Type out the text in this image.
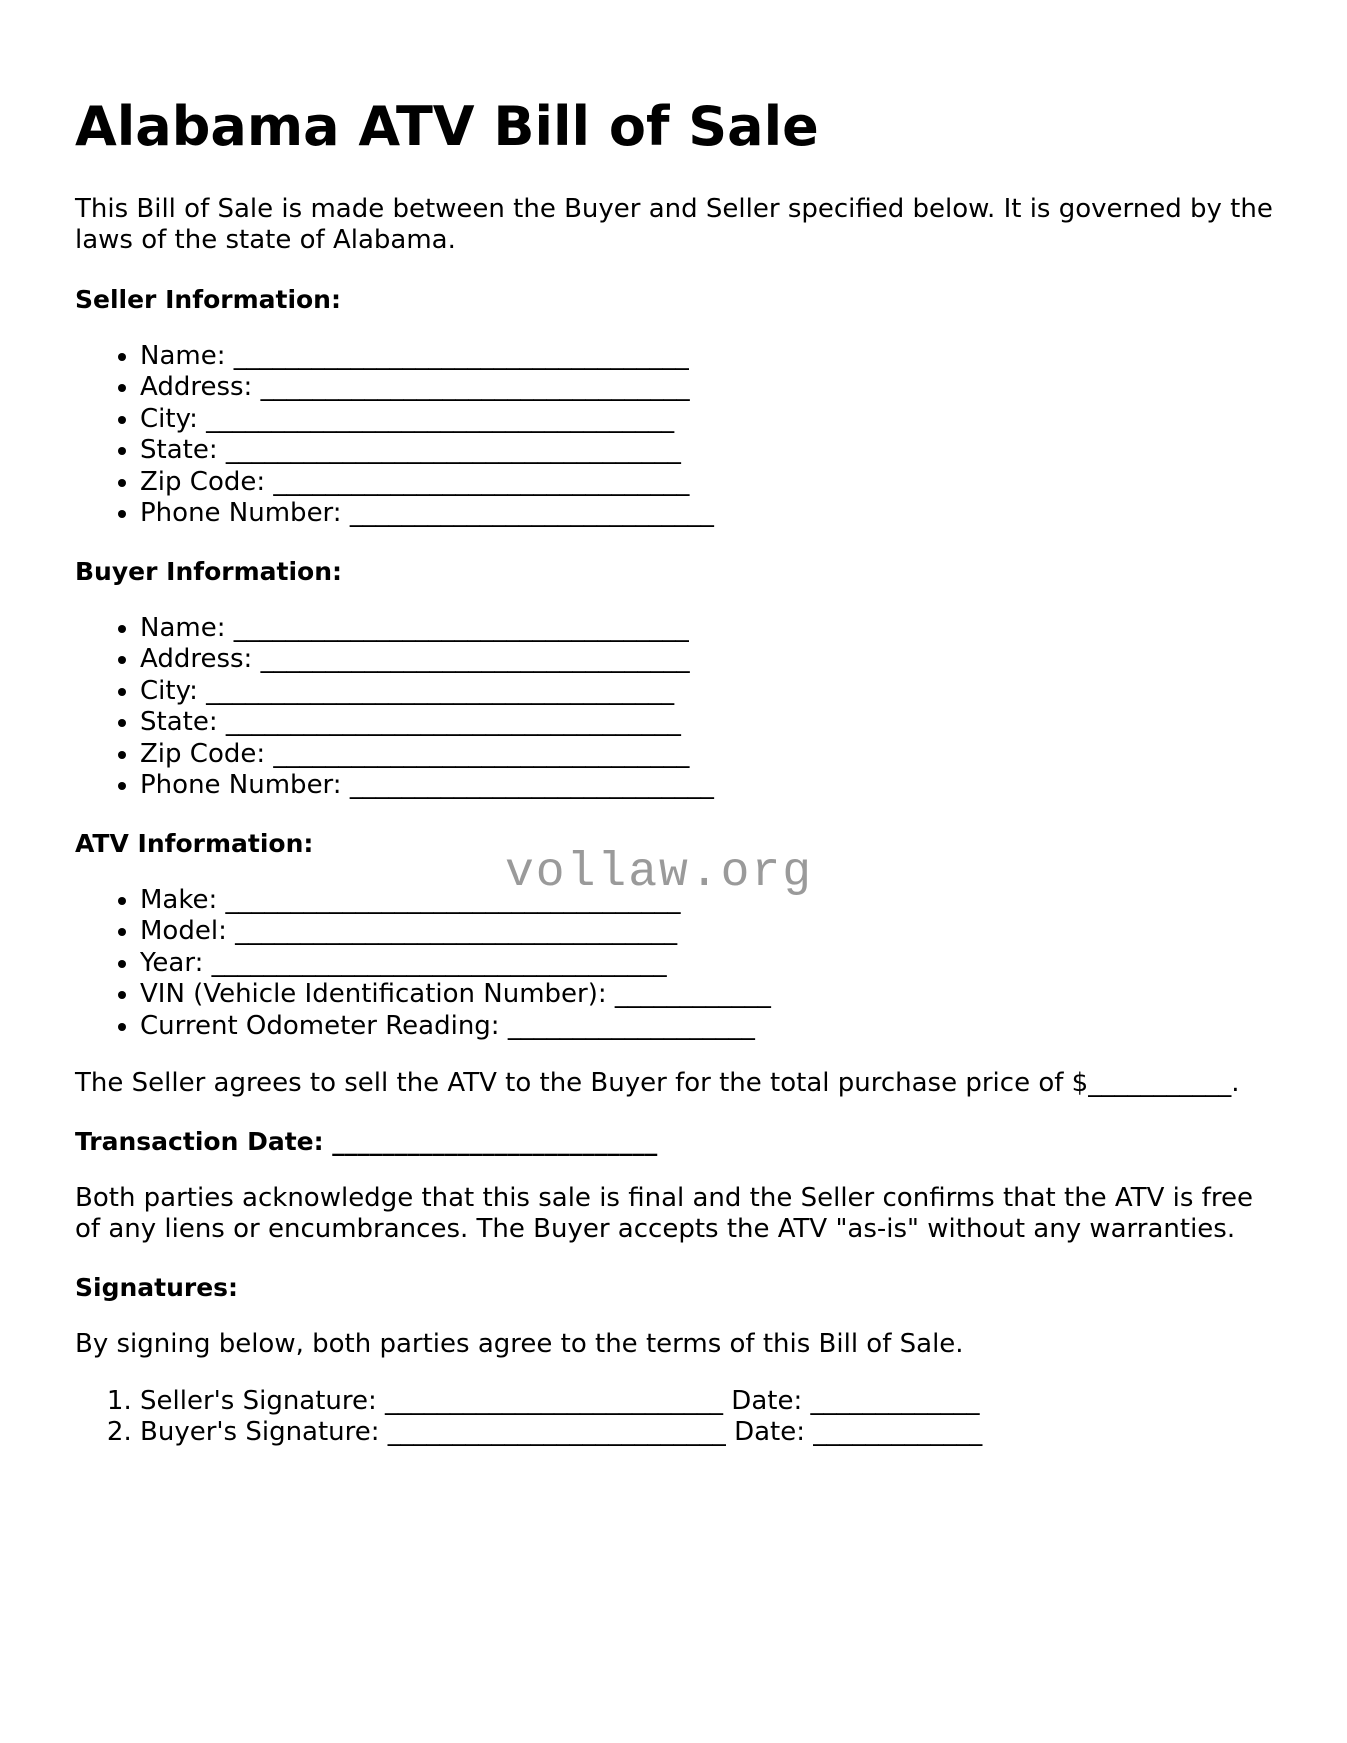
Alabama ATV Bill of Sale

This Bill of Sale is made between the Buyer and Seller specified below. It is governed by the laws of the state of Alabama.

Seller Information:

• Name: ___________________________________
• Address: _________________________________
• City: ____________________________________
• State: ___________________________________
• Zip Code: ________________________________
• Phone Number: ____________________________

Buyer Information:

• Name: ___________________________________
• Address: _________________________________
• City: ____________________________________
• State: ___________________________________
• Zip Code: ________________________________
• Phone Number: ____________________________

ATV Information:

• Make: ___________________________________
• Model: __________________________________
• Year: ___________________________________
• VIN (Vehicle Identification Number): ____________
• Current Odometer Reading: ___________________

The Seller agrees to sell the ATV to the Buyer for the total purchase price of $___________.

Transaction Date: __________________________

Both parties acknowledge that this sale is final and the Seller confirms that the ATV is free of any liens or encumbrances. The Buyer accepts the ATV "as-is" without any warranties.

Signatures:

By signing below, both parties agree to the terms of this Bill of Sale.

1. Seller's Signature: __________________________ Date: _____________
2. Buyer's Signature: __________________________ Date: _____________
vollaw.org
